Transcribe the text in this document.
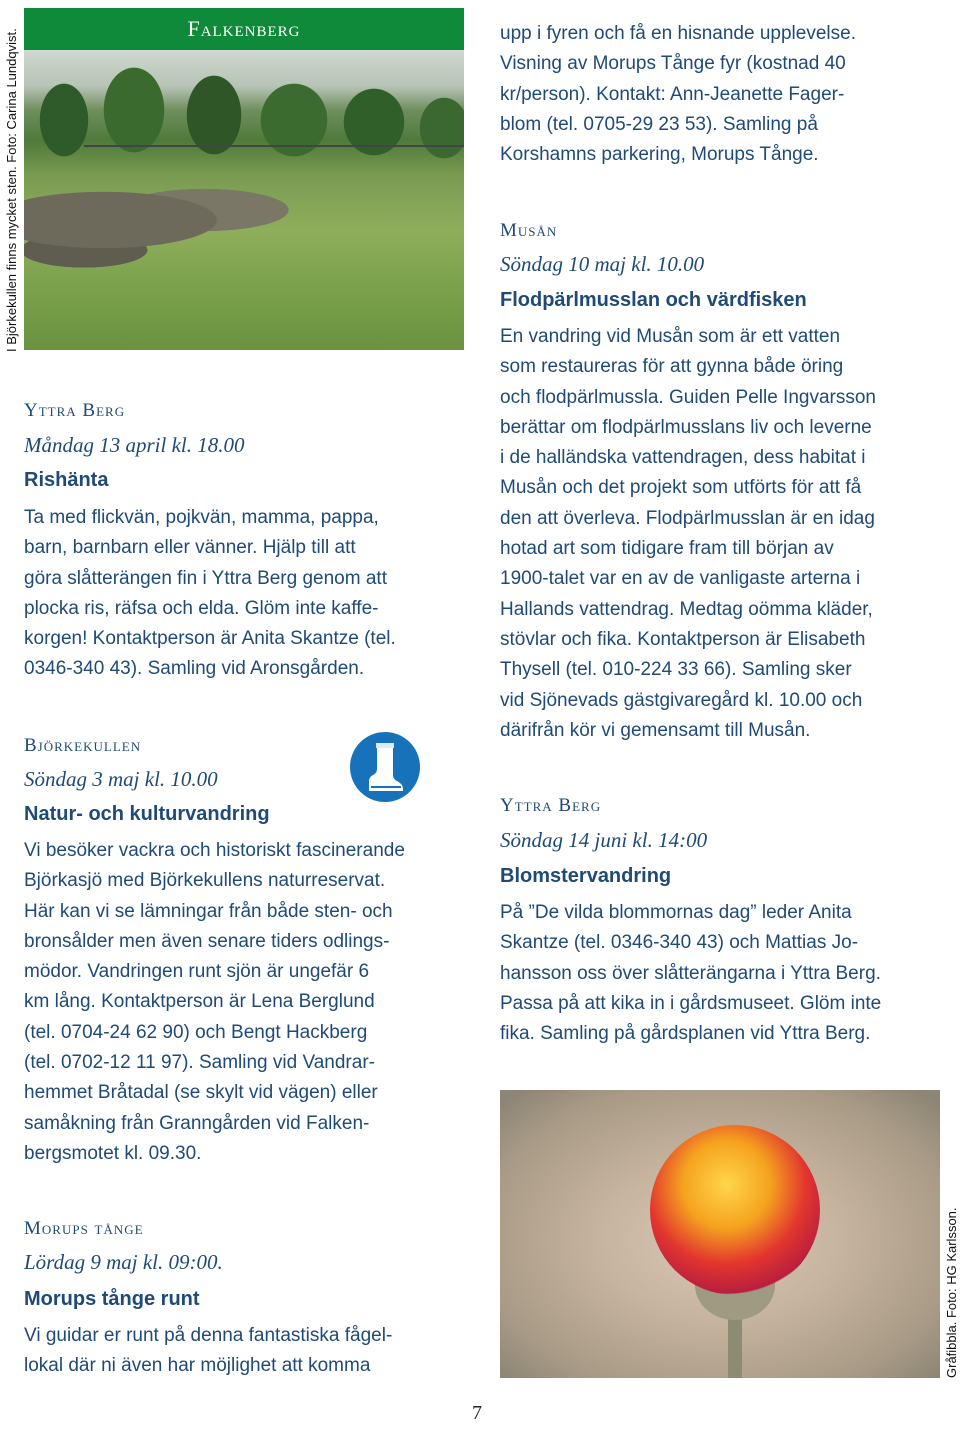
I Björkekullen finns mycket sten. Foto: Carina Lundqvist.	Falkenberg
Yttra Berg
Måndag 13 april kl. 18.00
Rishänta
Ta med flickvän, pojkvän, mamma, pappa,
barn, barnbarn eller vänner. Hjälp till att
göra slåtterängen fin i Yttra Berg genom att
plocka ris, räfsa och elda. Glöm inte kaffe-
korgen! Kontaktperson är Anita Skantze (tel.
0346-340 43). Samling vid Aronsgården.
Björkekullen
Söndag 3 maj kl. 10.00
Natur- och kulturvandring
Vi besöker vackra och historiskt fascinerande
Björkasjö med Björkekullens naturreservat.
Här kan vi se lämningar från både sten- och
bronsålder men även senare tiders odlings-
mödor. Vandringen runt sjön är ungefär 6
km lång. Kontaktperson är Lena Berglund
(tel. 0704-24 62 90) och Bengt Hackberg
(tel. 0702-12 11 97). Samling vid Vandrar-
hemmet Bråtadal (se skylt vid vägen) eller
samåkning från Granngården vid Falken-
bergsmotet kl. 09.30.
Morups tånge
Lördag 9 maj kl. 09:00.
Morups tånge runt
Vi guidar er runt på denna fantastiska fågel-
lokal där ni även har möjlighet att komma
upp i fyren och få en hisnande upplevelse.
Visning av Morups Tånge fyr (kostnad 40
kr/person). Kontakt: Ann-Jeanette Fager-
blom (tel. 0705-29 23 53). Samling på
Korshamns parkering, Morups Tånge.
Musån
Söndag 10 maj kl. 10.00
Flodpärlmusslan och värdfisken
En vandring vid Musån som är ett vatten
som restaureras för att gynna både öring
och flodpärlmussla. Guiden Pelle Ingvarsson
berättar om flodpärlmusslans liv och leverne
i de halländska vattendragen, dess habitat i
Musån och det projekt som utförts för att få
den att överleva. Flodpärlmusslan är en idag
hotad art som tidigare fram till början av
1900-talet var en av de vanligaste arterna i
Hallands vattendrag. Medtag oömma kläder,
stövlar och fika. Kontaktperson är Elisabeth
Thysell (tel. 010-224 33 66). Samling sker
vid Sjönevads gästgivaregård kl. 10.00 och
därifrån kör vi gemensamt till Musån.
Yttra Berg
Söndag 14 juni kl. 14:00
Blomstervandring
På ”De vilda blommornas dag” leder Anita
Skantze (tel. 0346-340 43) och Mattias Jo-
hansson oss över slåtterängarna i Yttra Berg.
Passa på att kika in i gårdsmuseet. Glöm inte
fika. Samling på gårdsplanen vid Yttra Berg.
Gråfibbla. Foto: HG Karlsson.
7
